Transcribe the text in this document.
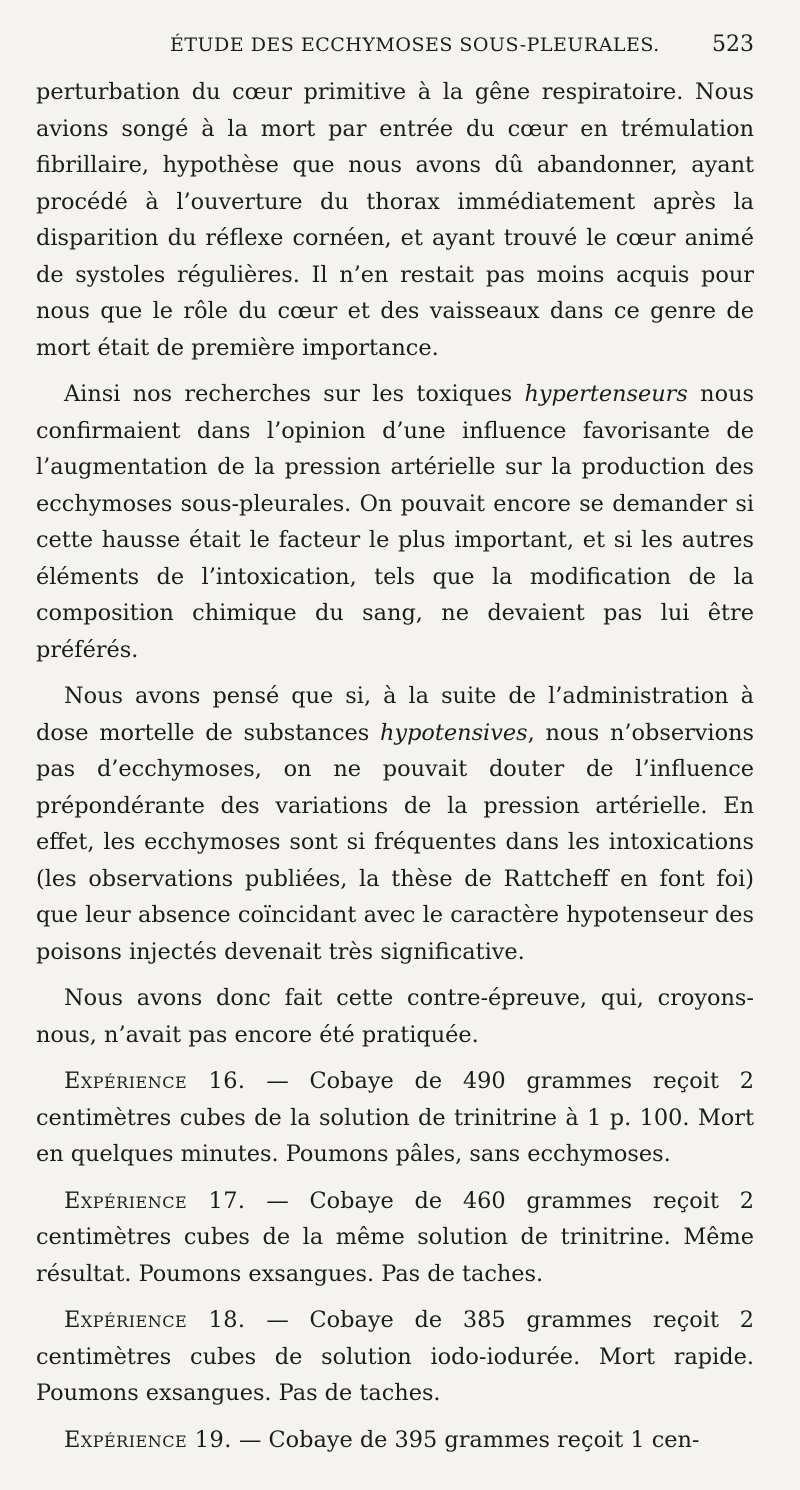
ÉTUDE DES ECCHYMOSES SOUS-PLEURALES. 523

perturbation du cœur primitive à la gêne respiratoire. Nous avions songé à la mort par entrée du cœur en trémulation fibrillaire, hypothèse que nous avons dû abandonner, ayant procédé à l’ouverture du thorax immédiatement après la disparition du réflexe cornéen, et ayant trouvé le cœur animé de systoles régulières. Il n’en restait pas moins acquis pour nous que le rôle du cœur et des vaisseaux dans ce genre de mort était de première importance.

Ainsi nos recherches sur les toxiques hypertenseurs nous confirmaient dans l’opinion d’une influence favorisante de l’augmentation de la pression artérielle sur la production des ecchymoses sous-pleurales. On pouvait encore se demander si cette hausse était le facteur le plus important, et si les autres éléments de l’intoxication, tels que la modification de la composition chimique du sang, ne devaient pas lui être préférés.

Nous avons pensé que si, à la suite de l’administration à dose mortelle de substances hypotensives, nous n’observions pas d’ecchymoses, on ne pouvait douter de l’influence prépondérante des variations de la pression artérielle. En effet, les ecchymoses sont si fréquentes dans les intoxications (les observations publiées, la thèse de Rattcheff en font foi) que leur absence coïncidant avec le caractère hypotenseur des poisons injectés devenait très significative.

Nous avons donc fait cette contre-épreuve, qui, croyons-nous, n’avait pas encore été pratiquée.

Expérience 16. — Cobaye de 490 grammes reçoit 2 centimètres cubes de la solution de trinitrine à 1 p. 100. Mort en quelques minutes. Poumons pâles, sans ecchymoses.

Expérience 17. — Cobaye de 460 grammes reçoit 2 centimètres cubes de la même solution de trinitrine. Même résultat. Poumons exsangues. Pas de taches.

Expérience 18. — Cobaye de 385 grammes reçoit 2 centimètres cubes de solution iodo-iodurée. Mort rapide. Poumons exsangues. Pas de taches.

Expérience 19. — Cobaye de 395 grammes reçoit 1 cen-
